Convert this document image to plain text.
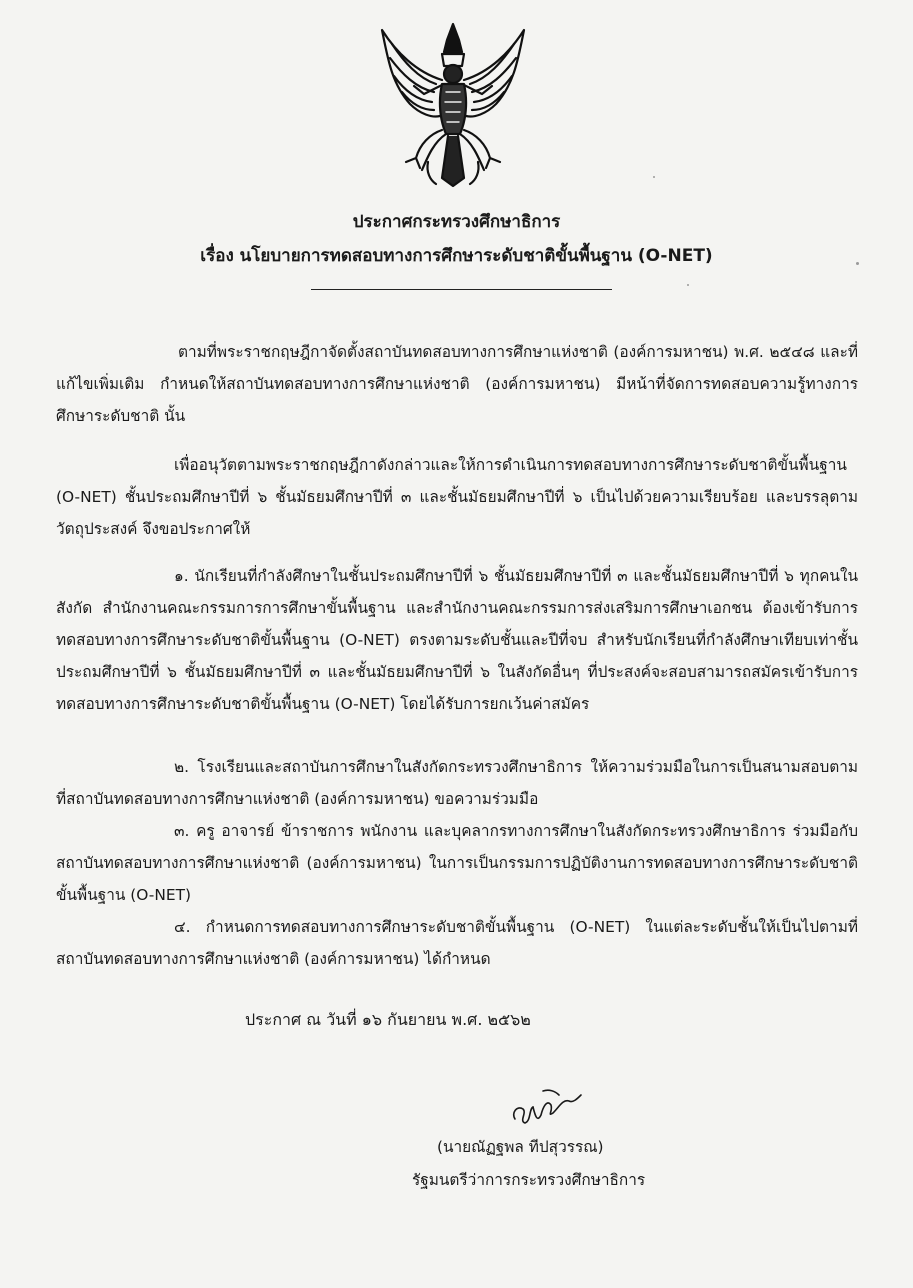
ประกาศกระทรวงศึกษาธิการ
เรื่อง นโยบายการทดสอบทางการศึกษาระดับชาติขั้นพื้นฐาน (O-NET)
ตามที่พระราชกฤษฎีกาจัดตั้งสถาบันทดสอบทางการศึกษาแห่งชาติ (องค์การมหาชน) พ.ศ. ๒๕๔๘ และที่แก้ไขเพิ่มเติม กำหนดให้สถาบันทดสอบทางการศึกษาแห่งชาติ (องค์การมหาชน) มีหน้าที่จัดการทดสอบความรู้ทางการศึกษาระดับชาติ นั้น
เพื่ออนุวัตตามพระราชกฤษฎีกาดังกล่าวและให้การดำเนินการทดสอบทางการศึกษาระดับชาติขั้นพื้นฐาน (O-NET) ชั้นประถมศึกษาปีที่ ๖ ชั้นมัธยมศึกษาปีที่ ๓ และชั้นมัธยมศึกษาปีที่ ๖ เป็นไปด้วยความเรียบร้อย และบรรลุตามวัตถุประสงค์ จึงขอประกาศให้
๑. นักเรียนที่กำลังศึกษาในชั้นประถมศึกษาปีที่ ๖ ชั้นมัธยมศึกษาปีที่ ๓ และชั้นมัธยมศึกษาปีที่ ๖ ทุกคนในสังกัด สำนักงานคณะกรรมการการศึกษาขั้นพื้นฐาน และสำนักงานคณะกรรมการส่งเสริมการศึกษาเอกชน ต้องเข้ารับการทดสอบทางการศึกษาระดับชาติขั้นพื้นฐาน (O-NET) ตรงตามระดับชั้นและปีที่จบ สำหรับนักเรียนที่กำลังศึกษาเทียบเท่าชั้นประถมศึกษาปีที่ ๖ ชั้นมัธยมศึกษาปีที่ ๓ และชั้นมัธยมศึกษาปีที่ ๖ ในสังกัดอื่นๆ ที่ประสงค์จะสอบสามารถสมัครเข้ารับการทดสอบทางการศึกษาระดับชาติขั้นพื้นฐาน (O-NET) โดยได้รับการยกเว้นค่าสมัคร
๒. โรงเรียนและสถาบันการศึกษาในสังกัดกระทรวงศึกษาธิการ ให้ความร่วมมือในการเป็นสนามสอบตามที่สถาบันทดสอบทางการศึกษาแห่งชาติ (องค์การมหาชน) ขอความร่วมมือ
๓. ครู อาจารย์ ข้าราชการ พนักงาน และบุคลากรทางการศึกษาในสังกัดกระทรวงศึกษาธิการ ร่วมมือกับสถาบันทดสอบทางการศึกษาแห่งชาติ (องค์การมหาชน) ในการเป็นกรรมการปฏิบัติงานการทดสอบทางการศึกษาระดับชาติขั้นพื้นฐาน (O-NET)
๔. กำหนดการทดสอบทางการศึกษาระดับชาติขั้นพื้นฐาน (O-NET) ในแต่ละระดับชั้นให้เป็นไปตามที่สถาบันทดสอบทางการศึกษาแห่งชาติ (องค์การมหาชน) ได้กำหนด
ประกาศ ณ วันที่ ๑๖ กันยายน พ.ศ. ๒๕๖๒
(นายณัฏฐพล ทีปสุวรรณ)
รัฐมนตรีว่าการกระทรวงศึกษาธิการ
